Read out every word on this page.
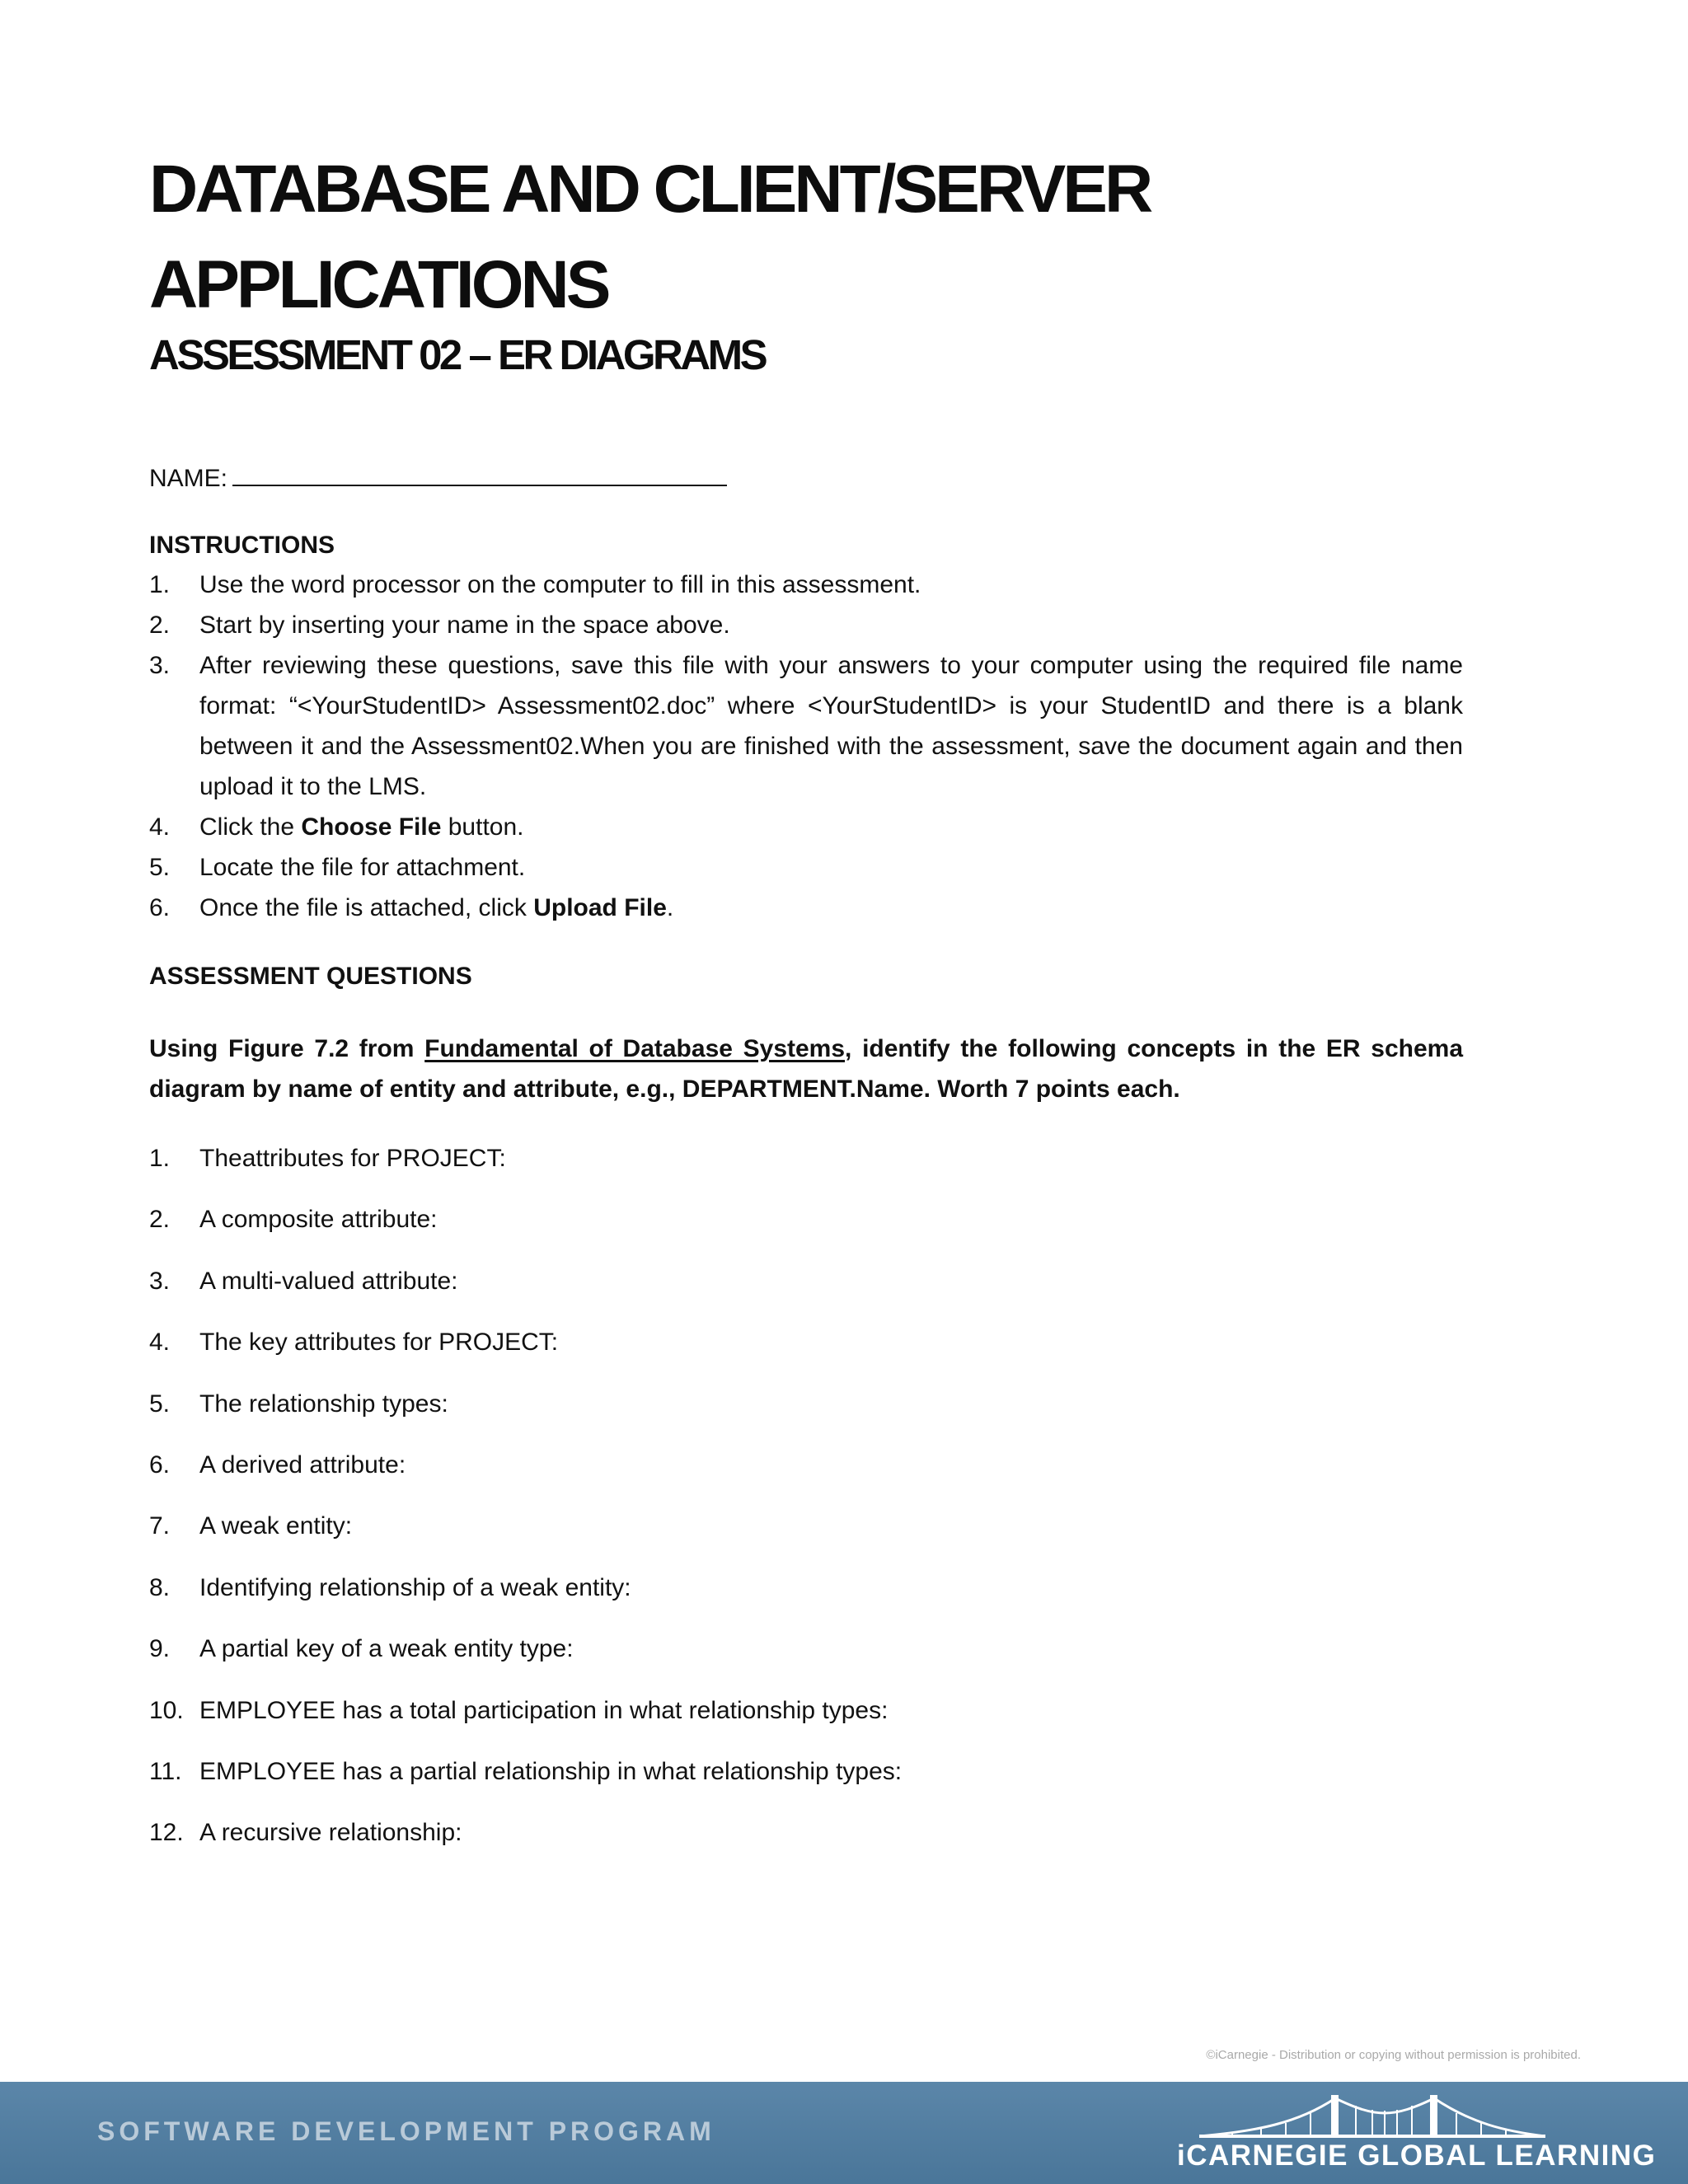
DATABASE AND CLIENT/SERVER APPLICATIONS
ASSESSMENT 02 – ER DIAGRAMS
NAME:
INSTRUCTIONS
1. Use the word processor on the computer to fill in this assessment.
2. Start by inserting your name in the space above.
3. After reviewing these questions, save this file with your answers to your computer using the required file name format: “<YourStudentID> Assessment02.doc” where <YourStudentID> is your StudentID and there is a blank between it and the Assessment02.When you are finished with the assessment, save the document again and then upload it to the LMS.
4. Click the Choose File button.
5. Locate the file for attachment.
6. Once the file is attached, click Upload File.
ASSESSMENT QUESTIONS

Using Figure 7.2 from Fundamental of Database Systems, identify the following concepts in the ER schema diagram by name of entity and attribute, e.g., DEPARTMENT.Name. Worth 7 points each.

1. Theattributes for PROJECT:
2. A composite attribute:
3. A multi-valued attribute:
4. The key attributes for PROJECT:
5. The relationship types:
6. A derived attribute:
7. A weak entity:
8. Identifying relationship of a weak entity:
9. A partial key of a weak entity type:
10. EMPLOYEE has a total participation in what relationship types:
11. EMPLOYEE has a partial relationship in what relationship types:
12. A recursive relationship:
©iCarnegie - Distribution or copying without permission is prohibited.
SOFTWARE DEVELOPMENT PROGRAM
iCARNEGIE GLOBAL LEARNING
